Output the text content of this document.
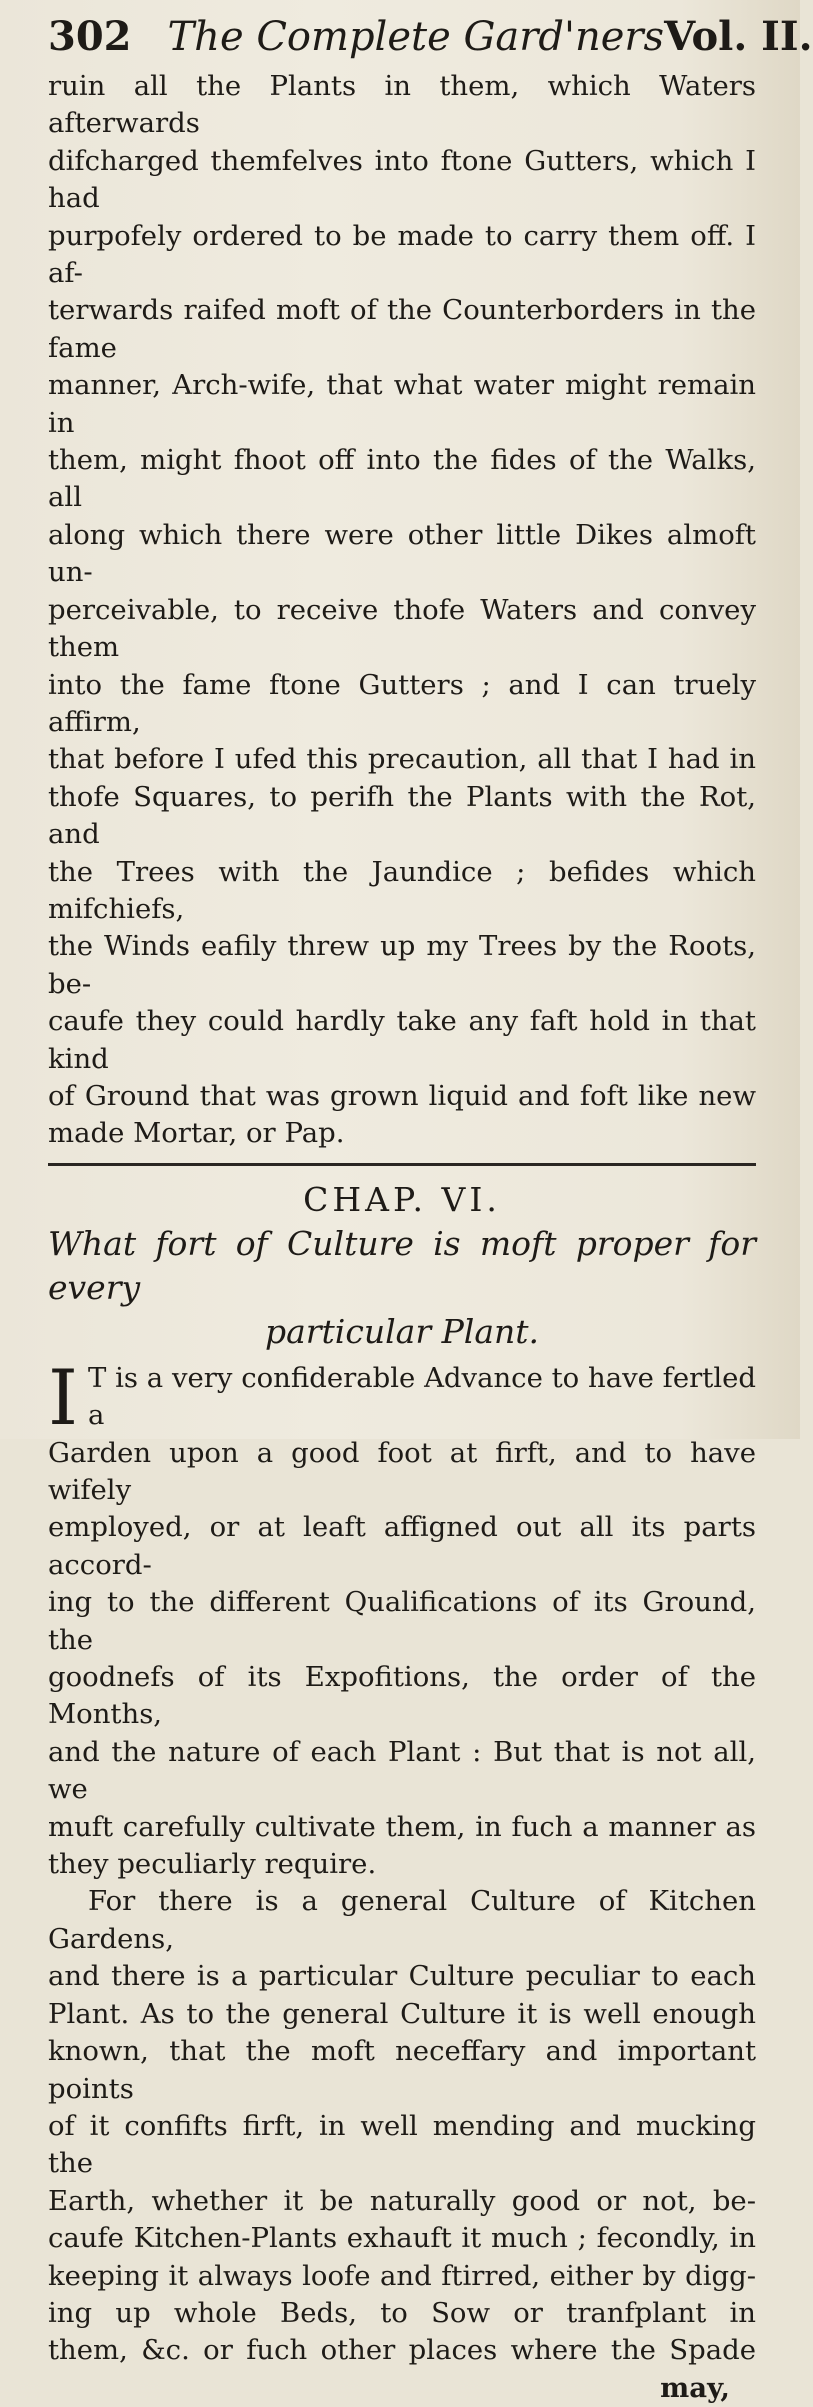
302 The Complete Gard'ners Vol. II.

ruin all the Plants in them, which Waters afterwards

difcharged themfelves into ftone Gutters, which I had

purpofely ordered to be made to carry them off. I af-

terwards raifed moft of the Counterborders in the fame

manner, Arch-wife, that what water might remain in

them, might fhoot off into the fides of the Walks, all

along which there were other little Dikes almoft un-

perceivable, to receive thofe Waters and convey them

into the fame ftone Gutters ; and I can truely affirm,

that before I ufed this precaution, all that I had in

thofe Squares, to perifh the Plants with the Rot, and

the Trees with the Jaundice ; befides which mifchiefs,

the Winds eafily threw up my Trees by the Roots, be-

caufe they could hardly take any faft hold in that kind

of Ground that was grown liquid and foft like new

made Mortar, or Pap.

CHAP. VI.

What fort of Culture is moft proper for every

particular Plant.

I T is a very confiderable Advance to have fertled a

Garden upon a good foot at firft, and to have wifely

employed, or at leaft affigned out all its parts accord-

ing to the different Qualifications of its Ground, the

goodnefs of its Expofitions, the order of the Months,

and the nature of each Plant : But that is not all, we

muft carefully cultivate them, in fuch a manner as

they peculiarly require.

For there is a general Culture of Kitchen Gardens,

and there is a particular Culture peculiar to each

Plant. As to the general Culture it is well enough

known, that the moft neceffary and important points

of it confifts firft, in well mending and mucking the

Earth, whether it be naturally good or not, be-

caufe Kitchen-Plants exhauft it much ; fecondly, in

keeping it always loofe and ftirred, either by digg-

ing up whole Beds, to Sow or tranfplant in

them, &c. or fuch other places where the Spade

may,
